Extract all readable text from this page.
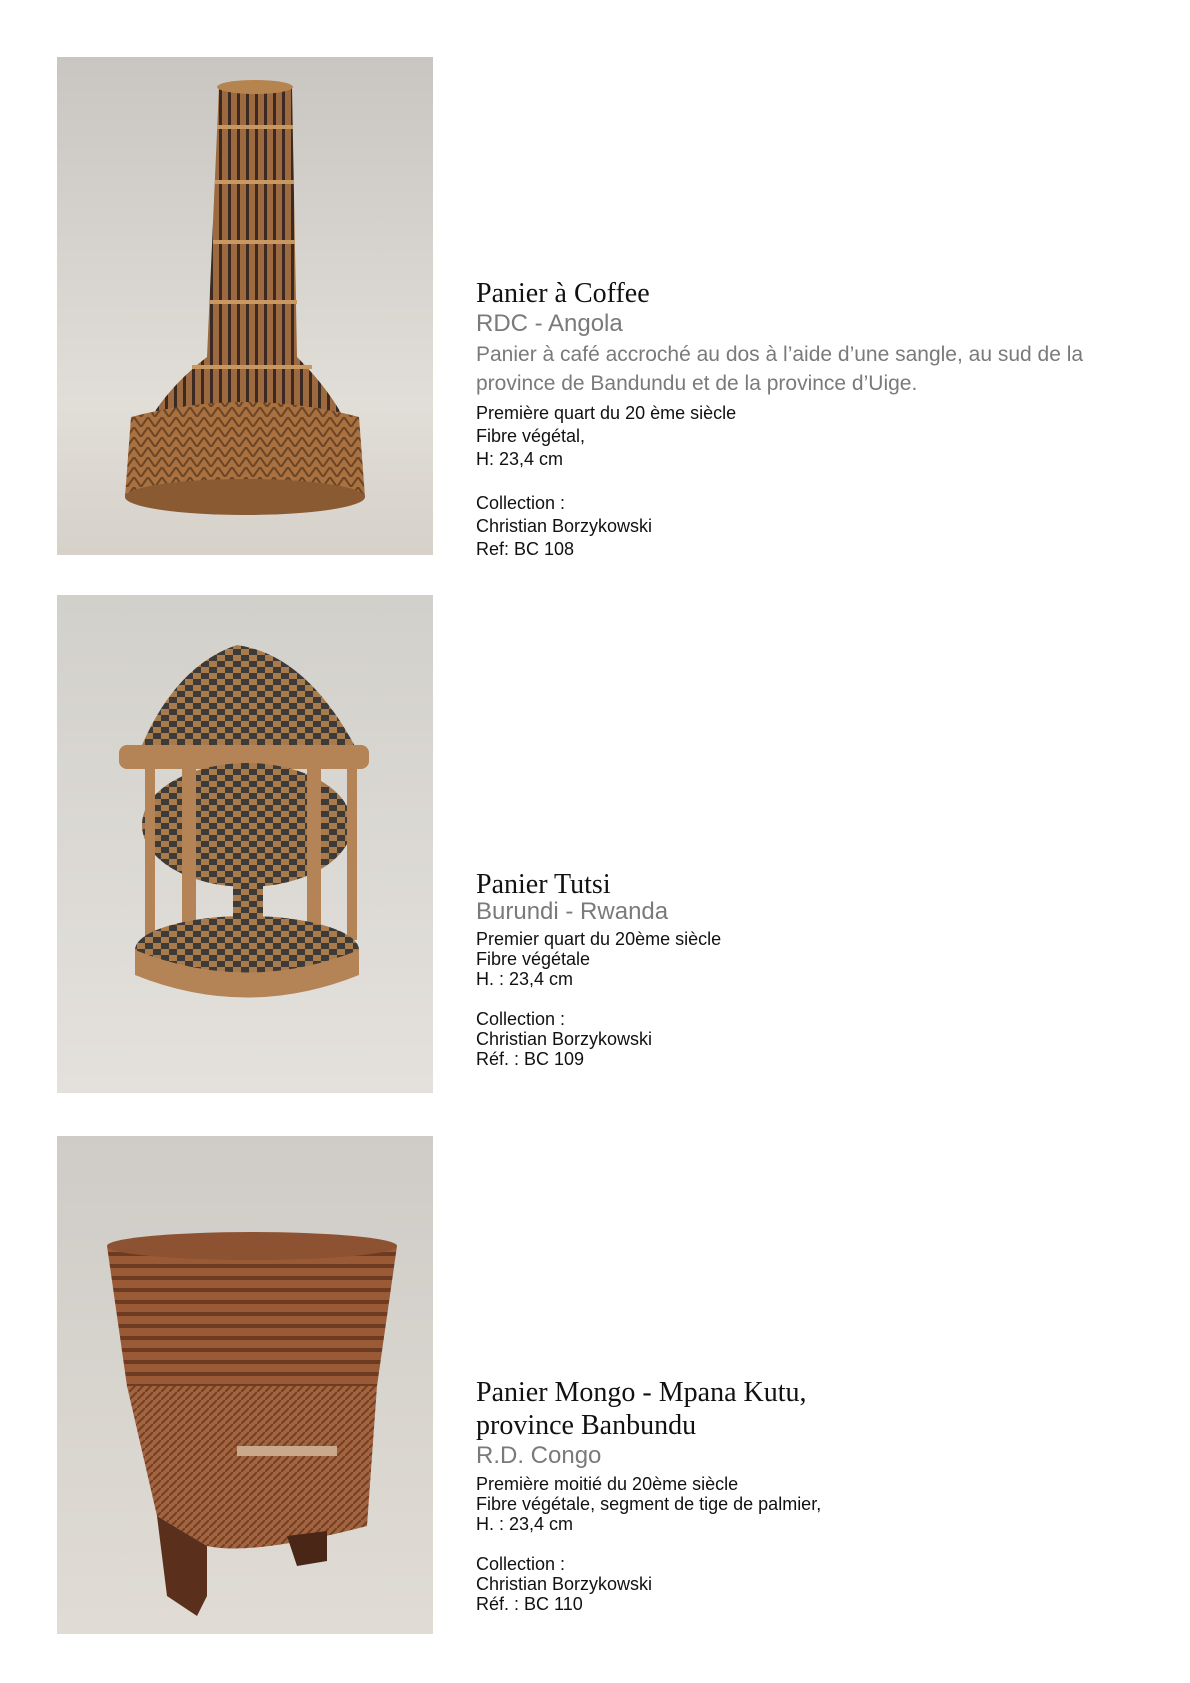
Panier à Coffee

RDC - Angola

Panier à café accroché au dos à l’aide d’une sangle, au sud de la province de Bandundu et de la province d’Uige.

Première quart du 20 ème siècle
Fibre végétal,
H: 23,4 cm
Collection :
Christian Borzykowski
Ref: BC 108

Panier Tutsi

Burundi - Rwanda

Premier quart du 20ème siècle
Fibre végétale
H. : 23,4 cm
Collection :
Christian Borzykowski
Réf. : BC 109

Panier Mongo - Mpana Kutu,

province Banbundu

R.D. Congo

Première moitié du 20ème siècle
Fibre végétale, segment de tige de palmier,
H. : 23,4 cm
Collection :
Christian Borzykowski
Réf. : BC 110
